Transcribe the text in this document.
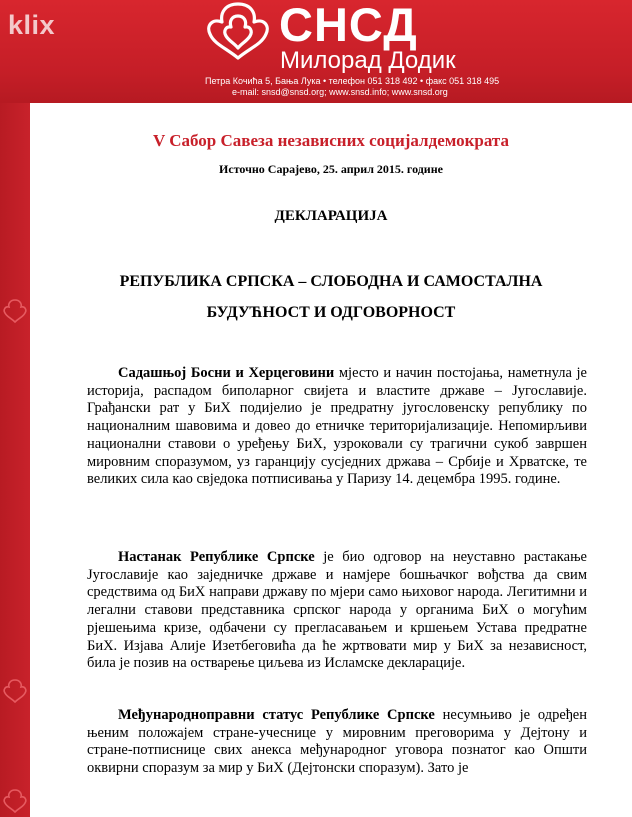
klix	СНСД
Милорад Додик
Петра Кочића 5, Бања Лука • телефон 051 318 492 • факс 051 318 495
e-mail: snsd@snsd.org; www.snsd.info; www.snsd.org
V Сабор Савеза независних социјалдемократа
Источно Сарајево, 25. април 2015. године
ДЕКЛАРАЦИЈА
РЕПУБЛИКА СРПСКА – СЛОБОДНА И САМОСТАЛНА
БУДУЋНОСТ И ОДГОВОРНОСТ

Садашњој Босни и Херцеговини мјесто и начин постојања, наметнула је историја, распадом биполарног свијета и властите државе – Југославије. Грађански рат у БиХ подијелио је предратну југословенску републику по националним шавовима и довео до етничке територијализације. Непомирљиви национални ставови о уређењу БиХ, узроковали су трагични сукоб завршен мировним споразумом, уз гаранцију сусједних држава – Србије и Хрватске, те великих сила као свједока потписивања у Паризу 14. децембра 1995. године.

Настанак Републике Српске је био одговор на неуставно растакање Југославије као заједничке државе и намјере бошњачког вођства да свим средствима од БиХ направи државу по мјери само њиховог народа. Легитимни и легални ставови представника српског народа у органима БиХ о могућим рјешењима кризе, одбачени су прегласавањем и кршењем Устава предратне БиХ. Изјава Алије Изетбеговића да ће жртвовати мир у БиХ за независност, била је позив на остварење циљева из Исламске декларације.

Међународноправни статус Републике Српске несумњиво је одређен њеним положајем стране-учеснице у мировним преговорима у Дејтону и стране-потписнице свих анекса међународног уговора познатог као Општи оквирни споразум за мир у БиХ (Дејтонски споразум). Зато је
